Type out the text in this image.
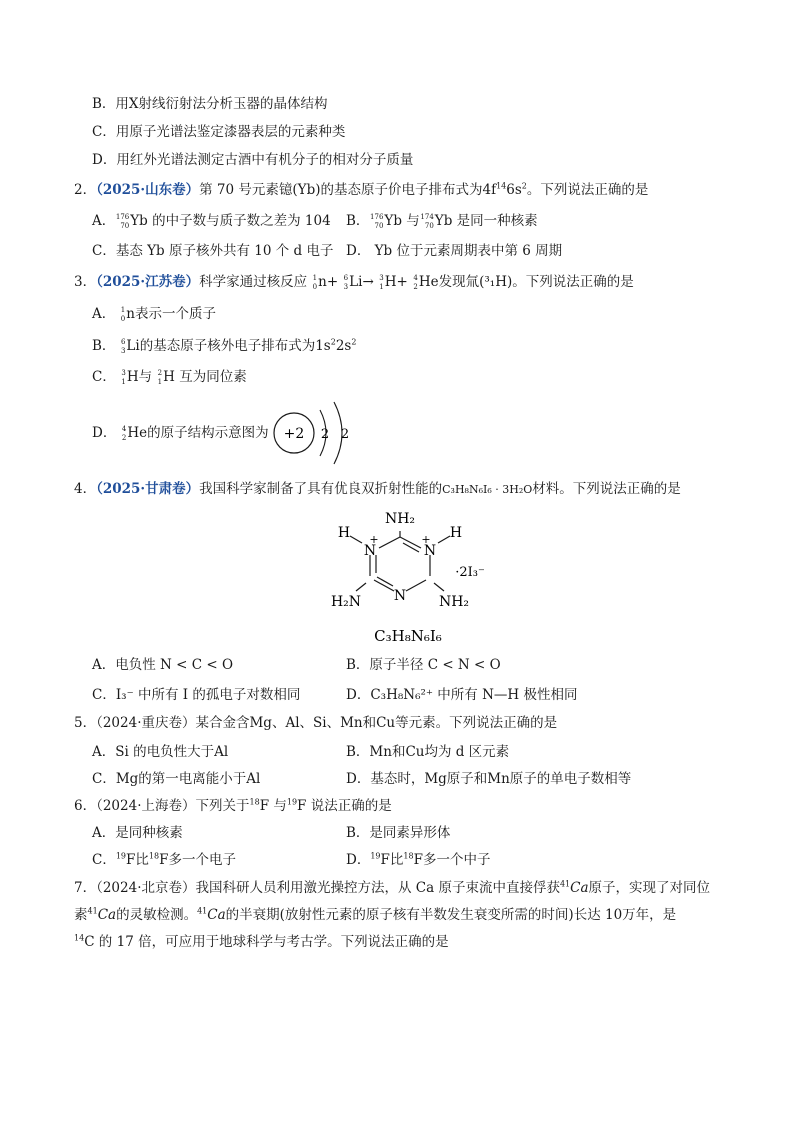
B．用X射线衍射法分析玉器的晶体结构
C．用原子光谱法鉴定漆器表层的元素种类
D．用红外光谱法测定古酒中有机分子的相对分子质量
2．（2025·山东卷）第 70 号元素镱(Yb)的基态原子价电子排布式为$4f^{14}6s^2$。下列说法正确的是
A． 176
70 Yb 的中子数与质子数之差为 104 B． 176
70 Yb 与 174
70 Yb 是同一种核素
C．基态 Yb 原子核外共有 10 个 d 电子 D． Yb 位于元素周期表中第 6 周期
3．（2025·江苏卷）科学家通过核反应 1
0 n+ 6
3 Li→ 3
1 H+ 4
2 He发现氚(³₁H)。下列说法正确的是
A． 1
0 n表示一个质子
B． 6
3 Li的基态原子核外电子排布式为$1s^22s^2$
C． 3
1 H与 2
1 H 互为同位素
D． 4
2 He的原子结构示意图为 +2 2 2
4．（2025·甘肃卷）我国科学家制备了具有优良双折射性能的C₃H₈N₆I₆ · 3H₂O材料。下列说法正确的是
NH₂
H	H
N
+
N
+
N
H₂N	NH₂
·2I₃⁻
C₃H₈N₆I₆
A．电负性 N < C < O	B．原子半径 C < N < O
C．I₃⁻ 中所有 I 的孤电子对数相同	D．C₃H₈N₆²⁺ 中所有 N—H 极性相同
5．（2024·重庆卷）某合金含Mg、Al、Si、Mn和Cu等元素。下列说法正确的是
A．Si 的电负性大于Al	B．Mn和Cu均为 d 区元素
C．Mg的第一电离能小于Al	D．基态时，Mg原子和Mn原子的单电子数相等
6．（2024·上海卷）下列关于$^{18}$F 与$^{19}$F 说法正确的是
A．是同种核素	B．是同素异形体
C．$^{19}$F比$^{18}$F多一个电子	D．$^{19}$F比$^{18}$F多一个中子
7．（2024·北京卷）我国科研人员利用激光操控方法，从 Ca 原子束流中直接俘获$^{41}$Ca原子，实现了对同位
素$^{41}$Ca的灵敏检测。$^{41}$Ca的半衰期(放射性元素的原子核有半数发生衰变所需的时间)长达 10万年，是
$^{14}$C 的 17 倍，可应用于地球科学与考古学。下列说法正确的是
